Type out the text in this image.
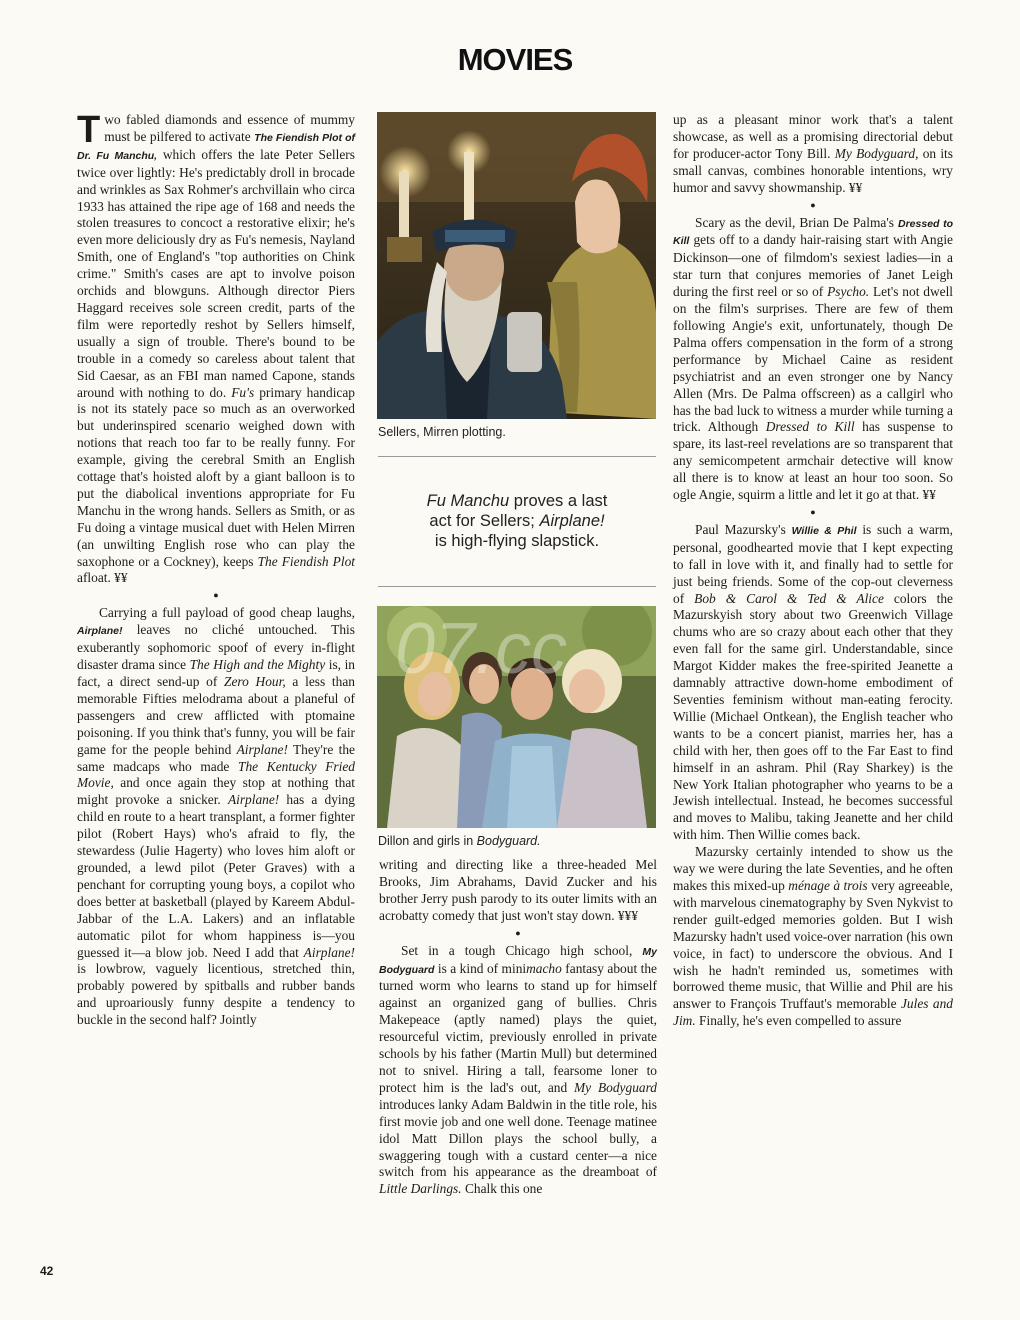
MOVIES

Two fabled diamonds and essence of mummy must be pilfered to activate The Fiendish Plot of Dr. Fu Manchu, which offers the late Peter Sellers twice over lightly: He's predictably droll in brocade and wrinkles as Sax Rohmer's archvillain who circa 1933 has attained the ripe age of 168 and needs the stolen treasures to concoct a restorative elixir; he's even more deliciously dry as Fu's nemesis, Nayland Smith, one of England's "top authorities on Chink crime." Smith's cases are apt to involve poison orchids and blowguns. Although director Piers Haggard receives sole screen credit, parts of the film were reportedly reshot by Sellers himself, usually a sign of trouble. There's bound to be trouble in a comedy so careless about talent that Sid Caesar, as an FBI man named Capone, stands around with nothing to do. Fu's primary handicap is not its stately pace so much as an overworked but underinspired scenario weighed down with notions that reach too far to be really funny. For example, giving the cerebral Smith an English cottage that's hoisted aloft by a giant balloon is to put the diabolical inventions appropriate for Fu Manchu in the wrong hands. Sellers as Smith, or as Fu doing a vintage musical duet with Helen Mirren (an unwilting English rose who can play the saxophone or a Cockney), keeps The Fiendish Plot afloat. ¥¥

●

Carrying a full payload of good cheap laughs, Airplane! leaves no cliché untouched. This exuberantly sophomoric spoof of every in-flight disaster drama since The High and the Mighty is, in fact, a direct send-up of Zero Hour, a less than memorable Fifties melodrama about a planeful of passengers and crew afflicted with ptomaine poisoning. If you think that's funny, you will be fair game for the people behind Airplane! They're the same madcaps who made The Kentucky Fried Movie, and once again they stop at nothing that might provoke a snicker. Airplane! has a dying child en route to a heart transplant, a former fighter pilot (Robert Hays) who's afraid to fly, the stewardess (Julie Hagerty) who loves him aloft or grounded, a lewd pilot (Peter Graves) with a penchant for corrupting young boys, a copilot who does better at basketball (played by Kareem Abdul-Jabbar of the L.A. Lakers) and an inflatable automatic pilot for whom happiness is—you guessed it—a blow job. Need I add that Airplane! is lowbrow, vaguely licentious, stretched thin, probably powered by spitballs and rubber bands and uproariously funny despite a tendency to buckle in the second half? Jointly

Sellers, Mirren plotting.
Fu Manchu proves a last
act for Sellers; Airplane!
is high-flying slapstick.
07.cc
Dillon and girls in Bodyguard.

writing and directing like a three-headed Mel Brooks, Jim Abrahams, David Zucker and his brother Jerry push parody to its outer limits with an acrobatty comedy that just won't stay down. ¥¥¥

●

Set in a tough Chicago high school, My Bodyguard is a kind of minimacho fantasy about the turned worm who learns to stand up for himself against an organized gang of bullies. Chris Makepeace (aptly named) plays the quiet, resourceful victim, previously enrolled in private schools by his father (Martin Mull) but determined not to snivel. Hiring a tall, fearsome loner to protect him is the lad's out, and My Bodyguard introduces lanky Adam Baldwin in the title role, his first movie job and one well done. Teenage matinee idol Matt Dillon plays the school bully, a swaggering tough with a custard center—a nice switch from his appearance as the dreamboat of Little Darlings. Chalk this one

up as a pleasant minor work that's a talent showcase, as well as a promising directorial debut for producer-actor Tony Bill. My Bodyguard, on its small canvas, combines honorable intentions, wry humor and savvy showmanship. ¥¥

●

Scary as the devil, Brian De Palma's Dressed to Kill gets off to a dandy hair-raising start with Angie Dickinson—one of filmdom's sexiest ladies—in a star turn that conjures memories of Janet Leigh during the first reel or so of Psycho. Let's not dwell on the film's surprises. There are few of them following Angie's exit, unfortunately, though De Palma offers compensation in the form of a strong performance by Michael Caine as resident psychiatrist and an even stronger one by Nancy Allen (Mrs. De Palma offscreen) as a callgirl who has the bad luck to witness a murder while turning a trick. Although Dressed to Kill has suspense to spare, its last-reel revelations are so transparent that any semicompetent armchair detective will know all there is to know at least an hour too soon. So ogle Angie, squirm a little and let it go at that. ¥¥

●

Paul Mazursky's Willie & Phil is such a warm, personal, goodhearted movie that I kept expecting to fall in love with it, and finally had to settle for just being friends. Some of the cop-out cleverness of Bob & Carol & Ted & Alice colors the Mazurskyish story about two Greenwich Village chums who are so crazy about each other that they even fall for the same girl. Understandable, since Margot Kidder makes the free-spirited Jeanette a damnably attractive down-home embodiment of Seventies feminism without man-eating ferocity. Willie (Michael Ontkean), the English teacher who wants to be a concert pianist, marries her, has a child with her, then goes off to the Far East to find himself in an ashram. Phil (Ray Sharkey) is the New York Italian photographer who yearns to be a Jewish intellectual. Instead, he becomes successful and moves to Malibu, taking Jeanette and her child with him. Then Willie comes back.

Mazursky certainly intended to show us the way we were during the late Seventies, and he often makes this mixed-up ménage à trois very agreeable, with marvelous cinematography by Sven Nykvist to render guilt-edged memories golden. But I wish Mazursky hadn't used voice-over narration (his own voice, in fact) to underscore the obvious. And I wish he hadn't reminded us, sometimes with borrowed theme music, that Willie and Phil are his answer to François Truffaut's memorable Jules and Jim. Finally, he's even compelled to assure

42
